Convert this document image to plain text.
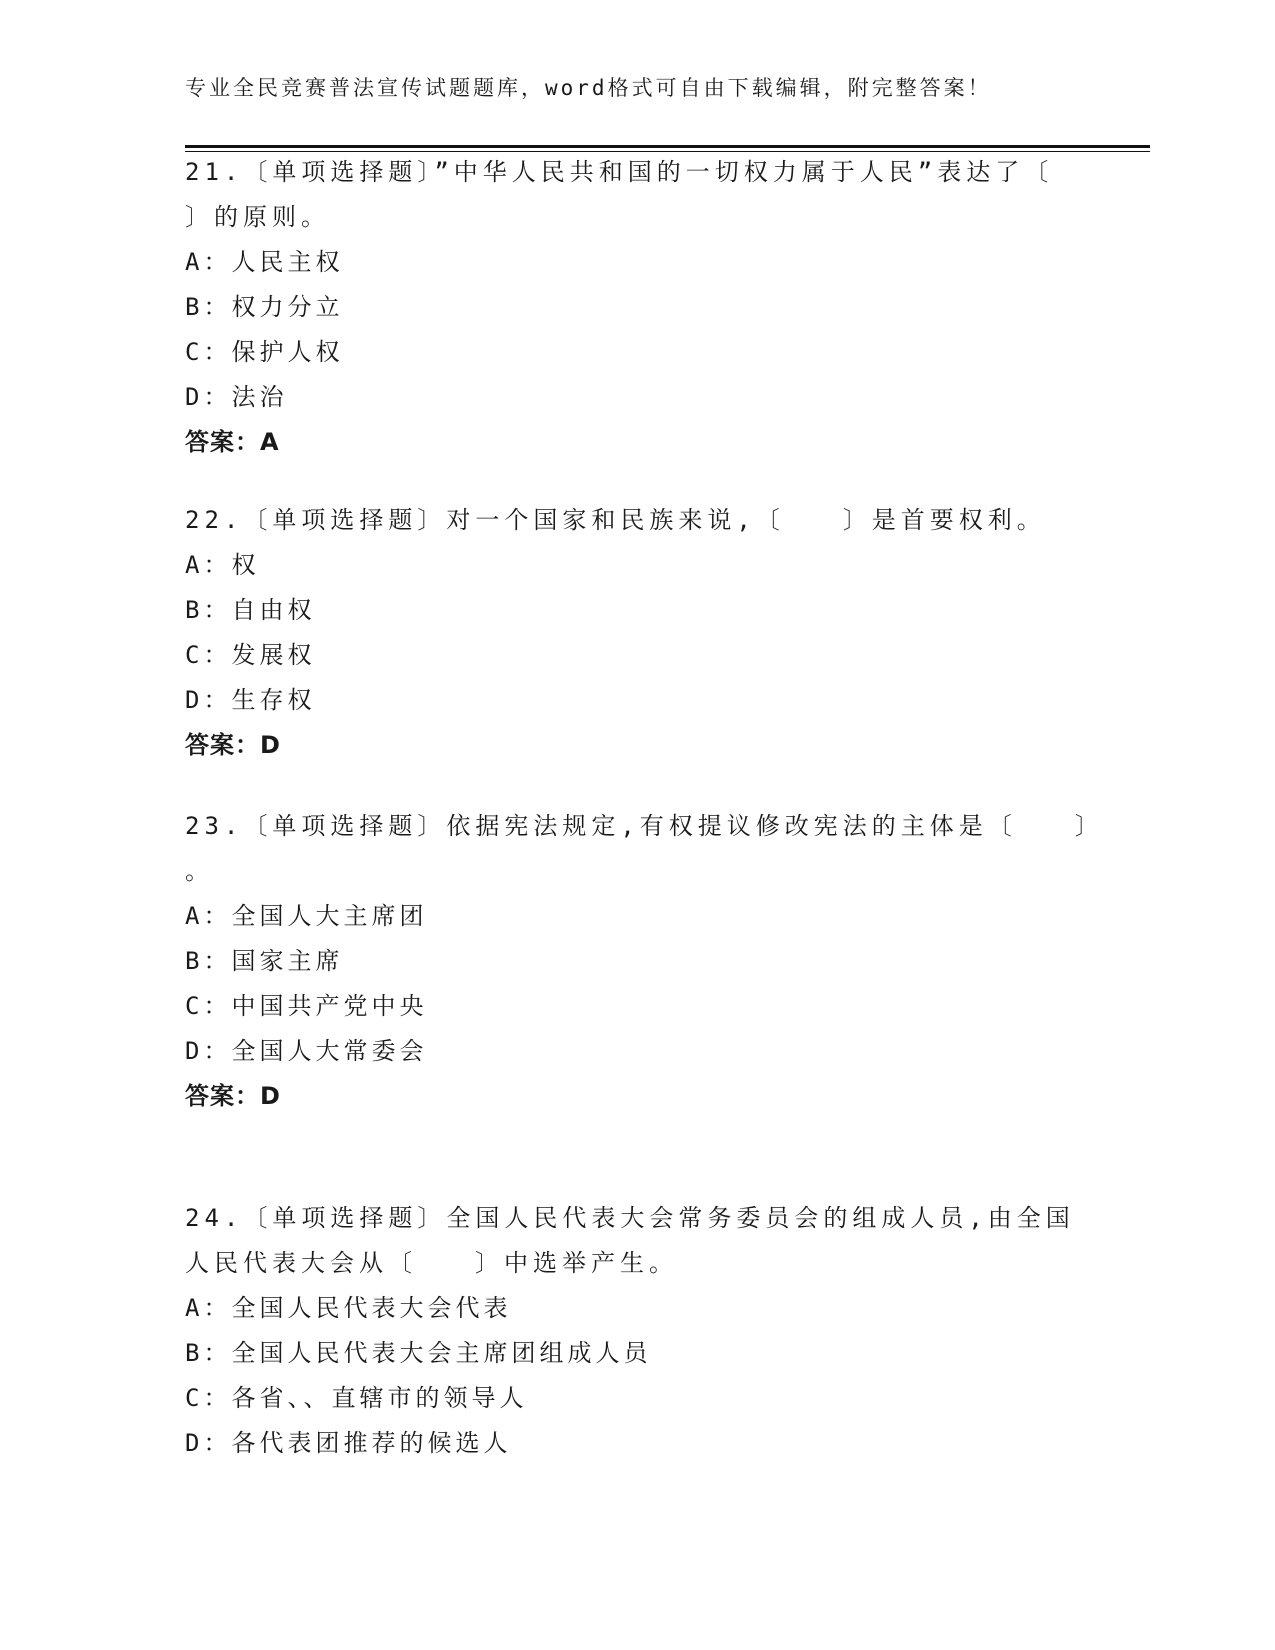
专业全民竞赛普法宣传试题题库，word格式可自由下载编辑，附完整答案！
21.〔单项选择题〕”中华人民共和国的一切权力属于人民”表达了〔
〕的原则。
A：人民主权
B：权力分立
C：保护人权
D：法治
答案：A
22.〔单项选择题〕对一个国家和民族来说,〔　　〕是首要权利。
A：权
B：自由权
C：发展权
D：生存权
答案：D
23.〔单项选择题〕依据宪法规定,有权提议修改宪法的主体是〔　　〕
。
A：全国人大主席团
B：国家主席
C：中国共产党中央
D：全国人大常委会
答案：D
24.〔单项选择题〕全国人民代表大会常务委员会的组成人员,由全国
人民代表大会从〔　　〕中选举产生。
A：全国人民代表大会代表
B：全国人民代表大会主席团组成人员
C：各省、、直辖市的领导人
D：各代表团推荐的候选人
